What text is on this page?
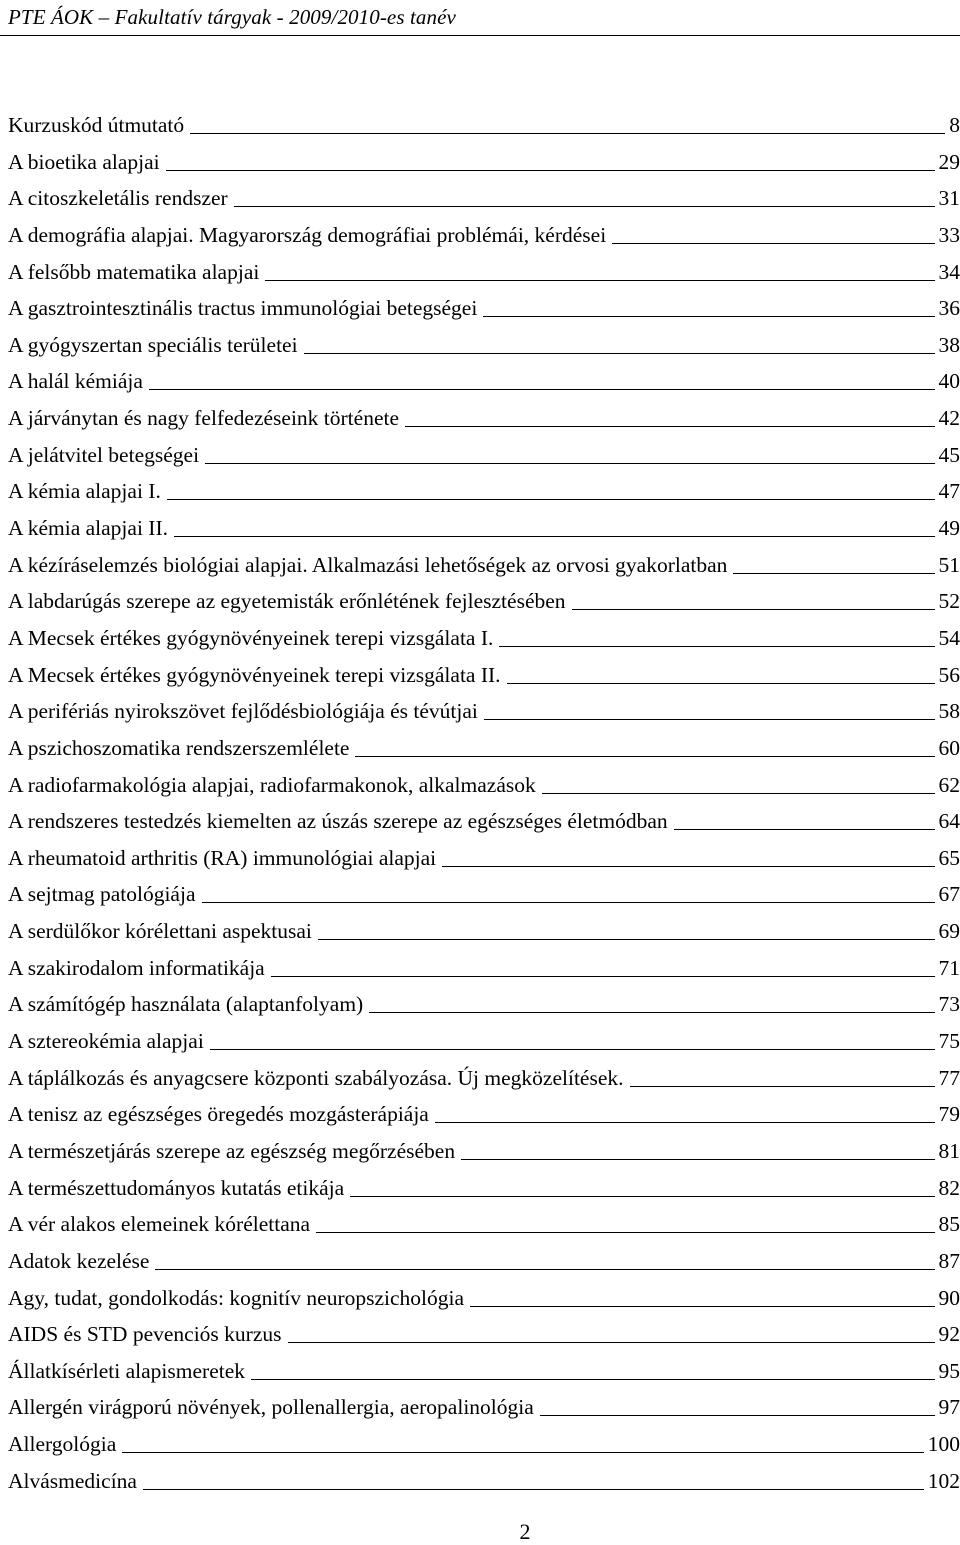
PTE ÁOK – Fakultatív tárgyak - 2009/2010-es tanév
Kurzuskód útmutató	8
A bioetika alapjai	29
A citoszkeletális rendszer	31
A demográfia alapjai. Magyarország demográfiai problémái, kérdései	33
A felsőbb matematika alapjai	34
A gasztrointesztinális tractus immunológiai betegségei	36
A gyógyszertan speciális területei	38
A halál kémiája	40
A járványtan és nagy felfedezéseink története	42
A jelátvitel betegségei	45
A kémia alapjai I.	47
A kémia alapjai II.	49
A kézíráselemzés biológiai alapjai. Alkalmazási lehetőségek az orvosi gyakorlatban	51
A labdarúgás szerepe az egyetemisták erőnlétének fejlesztésében	52
A Mecsek értékes gyógynövényeinek terepi vizsgálata I.	54
A Mecsek értékes gyógynövényeinek terepi vizsgálata II.	56
A perifériás nyirokszövet fejlődésbiológiája és tévútjai	58
A pszichoszomatika rendszerszemlélete	60
A radiofarmakológia alapjai, radiofarmakonok, alkalmazások	62
A rendszeres testedzés kiemelten az úszás szerepe az egészséges életmódban	64
A rheumatoid arthritis (RA) immunológiai alapjai	65
A sejtmag patológiája	67
A serdülőkor kórélettani aspektusai	69
A szakirodalom informatikája	71
A számítógép használata (alaptanfolyam)	73
A sztereokémia alapjai	75
A táplálkozás és anyagcsere központi szabályozása. Új megközelítések.	77
A tenisz az egészséges öregedés mozgásterápiája	79
A természetjárás szerepe az egészség megőrzésében	81
A természettudományos kutatás etikája	82
A vér alakos elemeinek kórélettana	85
Adatok kezelése	87
Agy, tudat, gondolkodás: kognitív neuropszichológia	90
AIDS és STD pevenciós kurzus	92
Állatkísérleti alapismeretek	95
Allergén virágporú növények, pollenallergia, aeropalinológia	97
Allergológia	100
Alvásmedicína	102
2
